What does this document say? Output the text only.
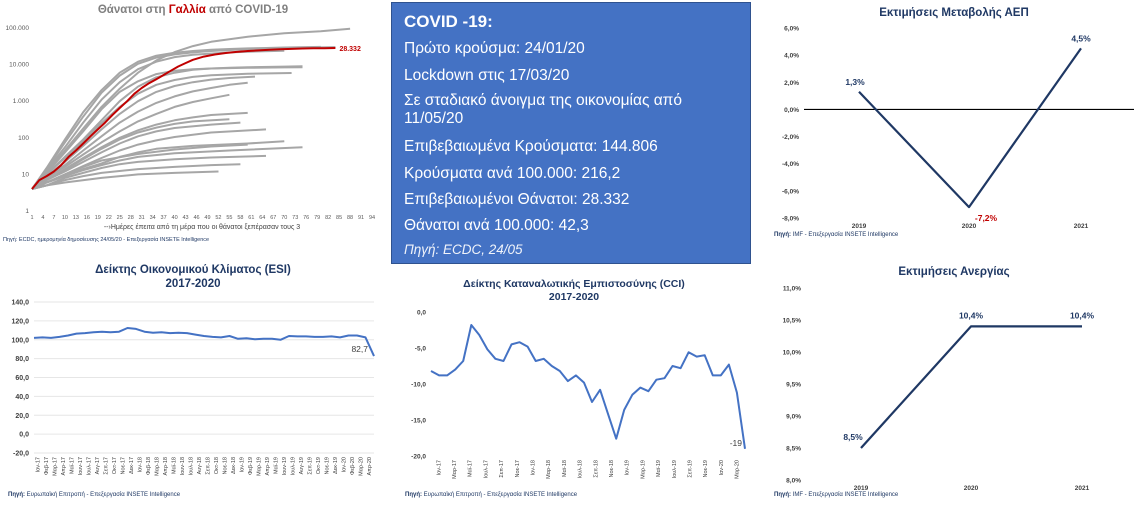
Θάνατοι στη Γαλλία από COVID-19
1
10
100
1.000
10.000
100.000
1 4 7 10 13 16 19 22 25 28 31 34 37 40 43 46 49 52 55 58 61 64 67 70 73 76 79 82 85 88 91 94
--›Ημέρες έπειτα από τη μέρα που οι θάνατοι ξεπέρασαν τους 3
28.332
Πηγή: ECDC, ημερομηνία δημοσίευσης 24/05/20 - Επεξεργασία INSETE Intelligence
COVID -19:
Πρώτο κρούσμα: 24/01/20
Lockdown στις 17/03/20
Σε σταδιακό άνοιγμα της οικονομίας από 11/05/20
Επιβεβαιωμένα Κρούσματα: 144.806
Κρούσματα ανά 100.000: 216,2
Επιβεβαιωμένοι Θάνατοι: 28.332
Θάνατοι ανά 100.000: 42,3
Πηγή: ECDC, 24/05
Εκτιμήσεις Μεταβολής ΑΕΠ
6,0%
4,0%
2,0%
0,0%
-2,0%
-4,0%
-6,0%
-8,0%
2019	2020	2021
1,3%
-7,2%
4,5%
Πηγή: IMF - Επεξεργασία INSETE Intelligence
Δείκτης Οικονομικού Κλίματος (ESI)
2017-2020
140,0
120,0
100,0
80,0
60,0
40,0
20,0
0,0
-20,0
82,7
Ιαν-17 Φεβ-17 Μαρ-17 Απρ-17 Μαϊ-17 Ιουν-17 Ιουλ-17 Αυγ-17 Σεπ-17 Οκτ-17 Νοε-17 Δεκ-17 Ιαν-18 Φεβ-18 Μαρ-18 Απρ-18 Μαϊ-18 Ιουν-18 Ιουλ-18 Αυγ-18 Σεπ-18 Οκτ-18 Νοε-18 Δεκ-18 Ιαν-19 Φεβ-19 Μαρ-19 Απρ-19 Μαϊ-19 Ιουν-19 Ιουλ-19 Αυγ-19 Σεπ-19 Οκτ-19 Νοε-19 Δεκ-19 Ιαν-20 Φεβ-20 Μαρ-20 Απρ-20
Πηγή: Ευρωπαϊκή Επιτροπή - Επεξεργασία INSETE Intelligence
Δείκτης Καταναλωτικής Εμπιστοσύνης (CCI)
2017-2020
0,0
-5,0
-10,0
-15,0
-20,0
-19
Ιαν-17 Μαρ-17 Μαϊ-17 Ιουλ-17 Σεπ-17 Νοε-17 Ιαν-18 Μαρ-18 Μαϊ-18 Ιουλ-18 Σεπ-18 Νοε-18 Ιαν-19 Μαρ-19 Μαϊ-19 Ιουλ-19 Σεπ-19 Νοε-19 Ιαν-20 Μαρ-20
Πηγή: Ευρωπαϊκή Επιτροπή - Επεξεργασία INSETE Intelligence
Εκτιμήσεις Ανεργίας
11,0%
10,5%
10,0%
9,5%
9,0%
8,5%
8,0%
2019	2020	2021
8,5%
10,4%	10,4%
Πηγή: IMF - Επεξεργασία INSETE Intelligence
